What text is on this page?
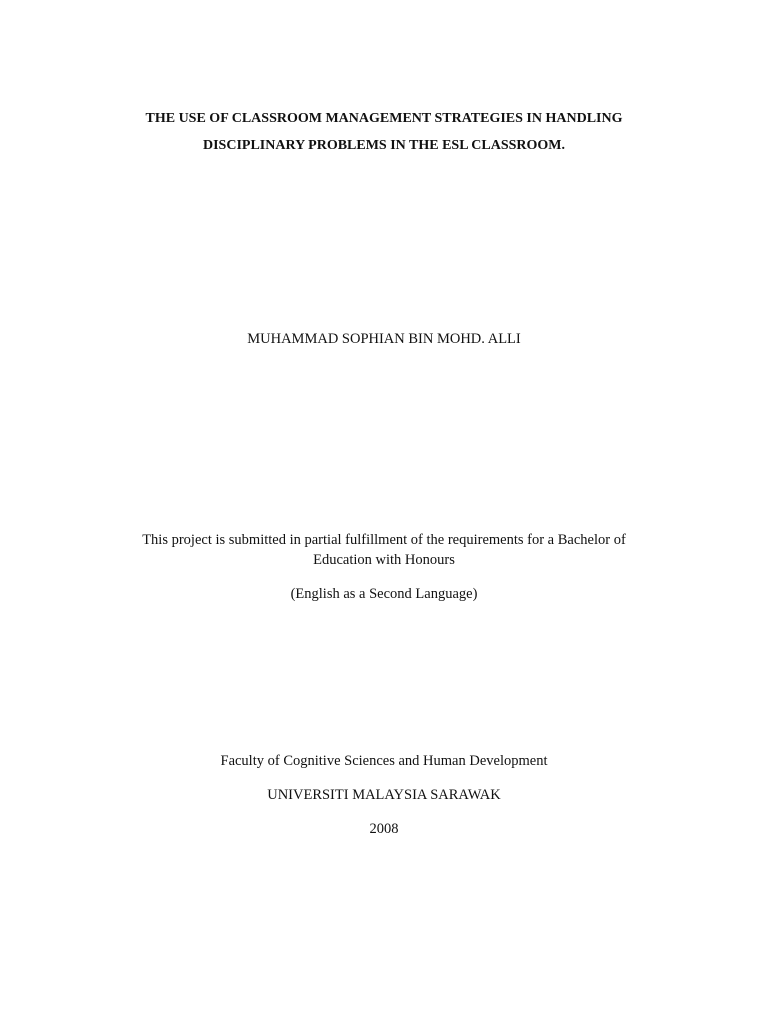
THE USE OF CLASSROOM MANAGEMENT STRATEGIES IN HANDLING
DISCIPLINARY PROBLEMS IN THE ESL CLASSROOM.
MUHAMMAD SOPHIAN BIN MOHD. ALLI
This project is submitted in partial fulfillment of the requirements for a Bachelor of
Education with Honours
(English as a Second Language)
Faculty of Cognitive Sciences and Human Development
UNIVERSITI MALAYSIA SARAWAK
2008
